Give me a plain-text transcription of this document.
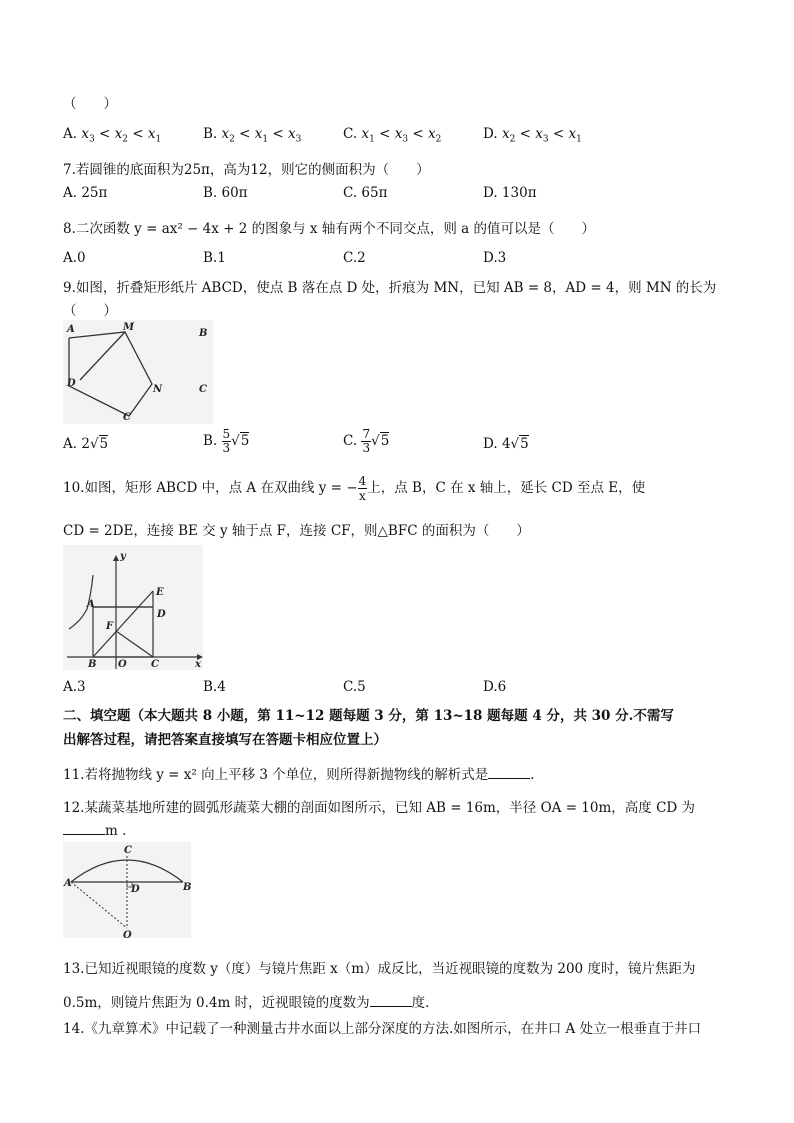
（　　）
A. $x_3 < x_2 < x_1$	B. $x_2 < x_1 < x_3$	C. $x_1 < x_3 < x_2$	D. $x_2 < x_3 < x_1$
7.若圆锥的底面积为25π，高为12，则它的侧面积为（　　）
A. 25π	B. 60π	C. 65π	D. 130π
8.二次函数 y = ax² − 4x + 2 的图象与 x 轴有两个不同交点，则 a 的值可以是（　　）
A.0	B.1	C.2	D.3
9.如图，折叠矩形纸片 ABCD，使点 B 落在点 D 处，折痕为 MN，已知 AB = 8，AD = 4，则 MN 的长为
（　　）
A	M
B
D
N	C
C
A. 2√5	B. $\frac{5}{3} √5$	C. $\frac{7}{3} √5$	D. 4√5
10.如图，矩形 ABCD 中，点 A 在双曲线 y = − $\frac{4}{x}$ 上，点 B，C 在 x 轴上，延长 CD 至点 E，使
CD = 2DE，连接 BE 交 y 轴于点 F，连接 CF，则△BFC 的面积为（　　）
y
E
A
D
F
B O C	x
A.3	B.4	C.5	D.6
二、填空题（本大题共 8 小题，第 11~12 题每题 3 分，第 13~18 题每题 4 分，共 30 分.不需写
出解答过程，请把答案直接填写在答题卡相应位置上）
11.若将抛物线 y = x² 向上平移 3 个单位，则所得新抛物线的解析式是	.
12.某蔬菜基地所建的圆弧形蔬菜大棚的剖面如图所示，已知 AB = 16m，半径 OA = 10m，高度 CD 为
m .
C
A
D	B
O
13.已知近视眼镜的度数 y（度）与镜片焦距 x（m）成反比，当近视眼镜的度数为 200 度时，镜片焦距为
0.5m，则镜片焦距为 0.4m 时，近视眼镜的度数为	度.
14.《九章算术》中记载了一种测量古井水面以上部分深度的方法.如图所示，在井口 A 处立一根垂直于井口
